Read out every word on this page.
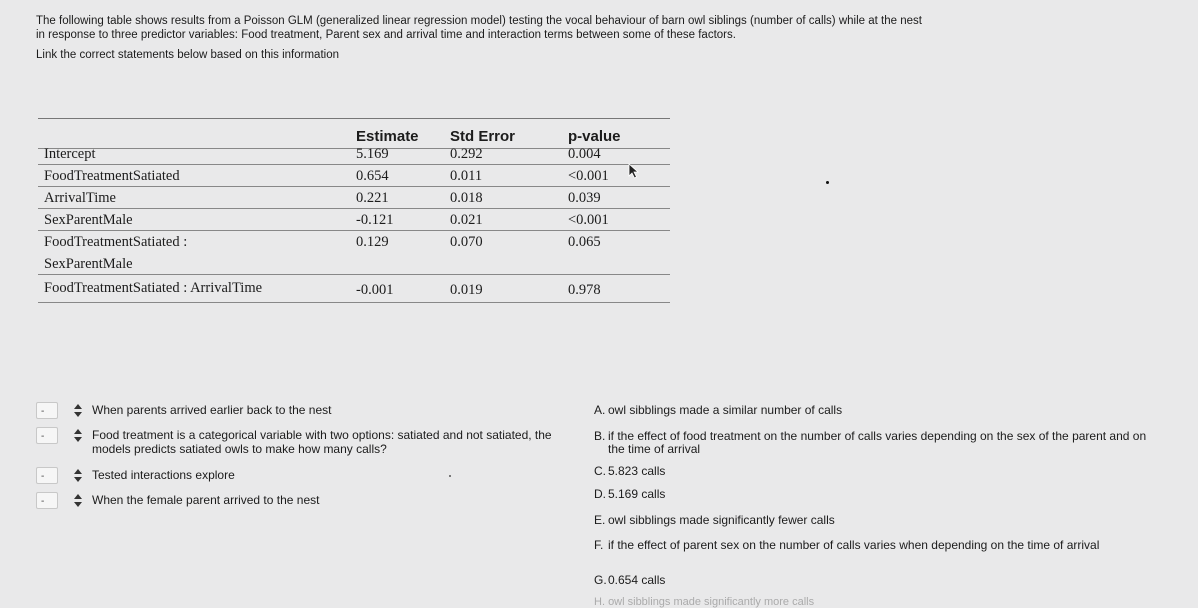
The following table shows results from a Poisson GLM (generalized linear regression model) testing the vocal behaviour of barn owl siblings (number of calls) while at the nest

in response to three predictor variables: Food treatment, Parent sex and arrival time and interaction terms between some of these factors.

Link the correct statements below based on this information

Estimate Std Error	p-value
Intercept	5.169	0.292	0.004
FoodTreatmentSatiated	0.654	0.011	<0.001
ArrivalTime	0.221	0.018	0.039
SexParentMale	-0.121	0.021	<0.001
FoodTreatmentSatiated :
SexParentMale
0.129	0.070	0.065
FoodTreatmentSatiated : ArrivalTime	-0.001	0.019	0.978
-	When parents arrived earlier back to the nest
-	Food treatment is a categorical variable with two options: satiated and not satiated, the models predicts satiated owls to make how many calls?
-	Tested interactions explore
-	When the female parent arrived to the nest
A. owl sibblings made a similar number of calls
B. if the effect of food treatment on the number of calls varies depending on the sex of the parent and on the time of arrival
C. 5.823 calls
D. 5.169 calls
E. owl sibblings made significantly fewer calls
F. if the effect of parent sex on the number of calls varies when depending on the time of arrival
G. 0.654 calls
H. owl sibblings made significantly more calls
